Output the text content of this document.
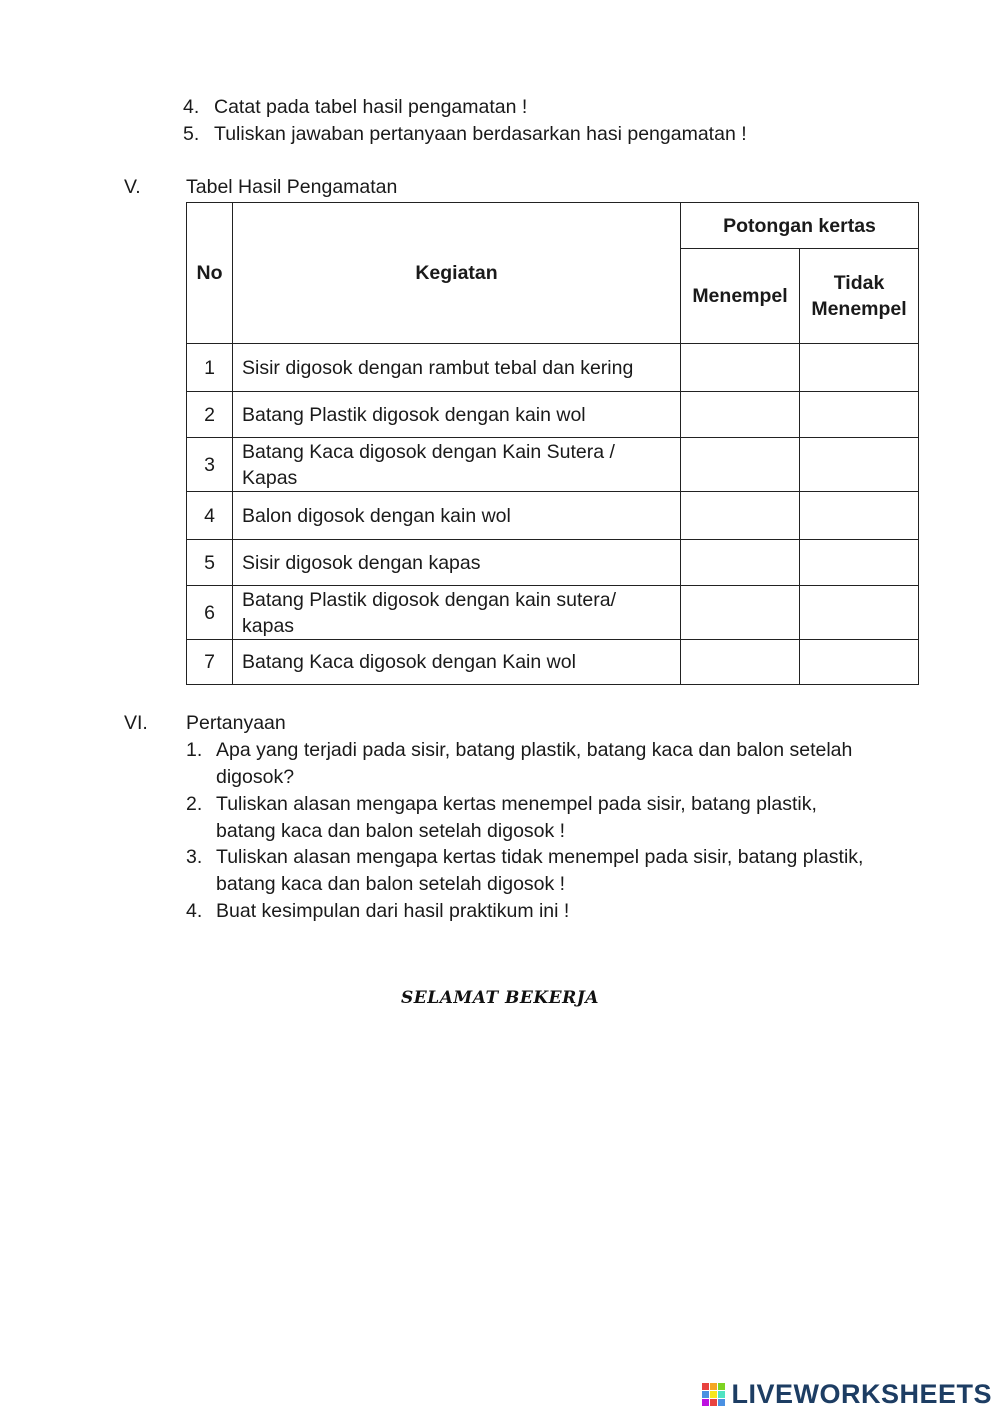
4. Catat pada tabel hasil pengamatan !
5. Tuliskan jawaban pertanyaan berdasarkan hasi pengamatan !
V. Tabel Hasil Pengamatan
No	Kegiatan	Potongan kertas	
		Menempel	Tidak
Menempel

1	Sisir digosok dengan rambut tebal dan kering		
2	Batang Plastik digosok dengan kain wol		
3	Batang Kaca digosok dengan Kain Sutera /
Kapas		

4	Balon digosok dengan kain wol		
5	Sisir digosok dengan kapas		
6	Batang Plastik digosok dengan kain sutera/
kapas		

7	Batang Kaca digosok dengan Kain wol		
VI. Pertanyaan
1. Apa yang terjadi pada sisir, batang plastik, batang kaca dan balon setelah
digosok?
2. Tuliskan alasan mengapa kertas menempel pada sisir, batang plastik,
batang kaca dan balon setelah digosok !
3. Tuliskan alasan mengapa kertas tidak menempel pada sisir, batang plastik,
batang kaca dan balon setelah digosok !
4. Buat kesimpulan dari hasil praktikum ini !
SELAMAT BEKERJA
LIVEWORKSHEETS
